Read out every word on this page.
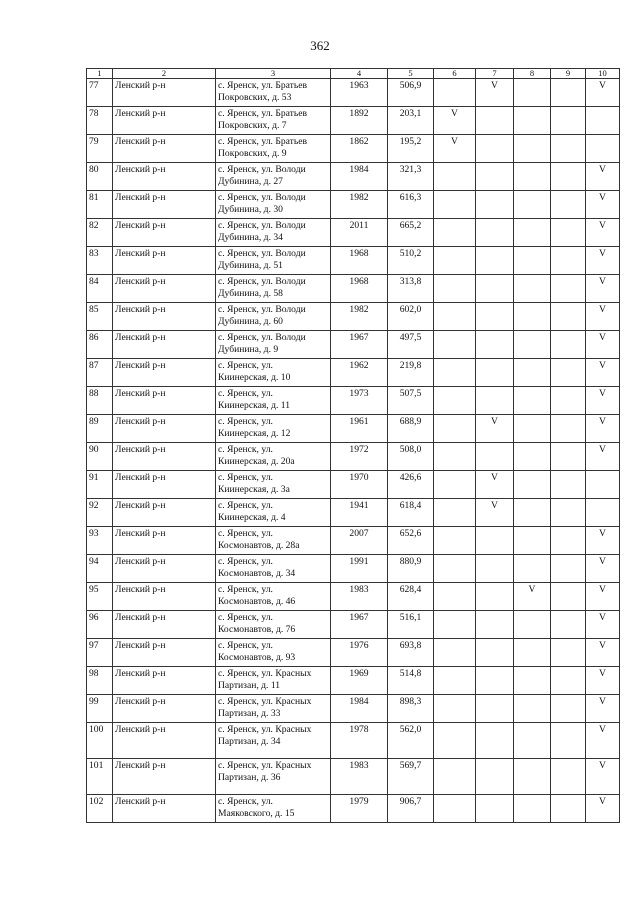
362
1	2	3	4	5	6	7	8	9	10
77	Ленский р-н	с. Яренск, ул. Братьев
Покровских, д. 53	1963	506,9		V			V
78	Ленский р-н	с. Яренск, ул. Братьев
Покровских, д. 7	1892	203,1	V				
79	Ленский р-н	с. Яренск, ул. Братьев
Покровских, д. 9	1862	195,2	V				
80	Ленский р-н	с. Яренск, ул. Володи
Дубинина, д. 27	1984	321,3					V
81	Ленский р-н	с. Яренск, ул. Володи
Дубинина, д. 30	1982	616,3					V
82	Ленский р-н	с. Яренск, ул. Володи
Дубинина, д. 34	2011	665,2					V
83	Ленский р-н	с. Яренск, ул. Володи
Дубинина, д. 51	1968	510,2					V
84	Ленский р-н	с. Яренск, ул. Володи
Дубинина, д. 58	1968	313,8					V
85	Ленский р-н	с. Яренск, ул. Володи
Дубинина, д. 60	1982	602,0					V
86	Ленский р-н	с. Яренск, ул. Володи
Дубинина, д. 9	1967	497,5					V
87	Ленский р-н	с. Яренск, ул.
Киинерская, д. 10	1962	219,8					V
88	Ленский р-н	с. Яренск, ул.
Киинерская, д. 11	1973	507,5					V
89	Ленский р-н	с. Яренск, ул.
Киинерская, д. 12	1961	688,9		V			V
90	Ленский р-н	с. Яренск, ул.
Киинерская, д. 20а	1972	508,0					V
91	Ленский р-н	с. Яренск, ул.
Киинерская, д. 3а	1970	426,6		V			
92	Ленский р-н	с. Яренск, ул.
Киинерская, д. 4	1941	618,4		V			
93	Ленский р-н	с. Яренск, ул.
Космонавтов, д. 28а	2007	652,6					V
94	Ленский р-н	с. Яренск, ул.
Космонавтов, д. 34	1991	880,9					V
95	Ленский р-н	с. Яренск, ул.
Космонавтов, д. 46	1983	628,4			V		V
96	Ленский р-н	с. Яренск, ул.
Космонавтов, д. 76	1967	516,1					V
97	Ленский р-н	с. Яренск, ул.
Космонавтов, д. 93	1976	693,8					V
98	Ленский р-н	с. Яренск, ул. Красных
Партизан, д. 11	1969	514,8					V
99	Ленский р-н	с. Яренск, ул. Красных
Партизан, д. 33	1984	898,3					V
100	Ленский р-н	с. Яренск, ул. Красных
Партизан, д. 34	1978	562,0					V
101	Ленский р-н	с. Яренск, ул. Красных
Партизан, д. 36	1983	569,7					V
102	Ленский р-н	с. Яренск, ул.
Маяковского, д. 15	1979	906,7					V
